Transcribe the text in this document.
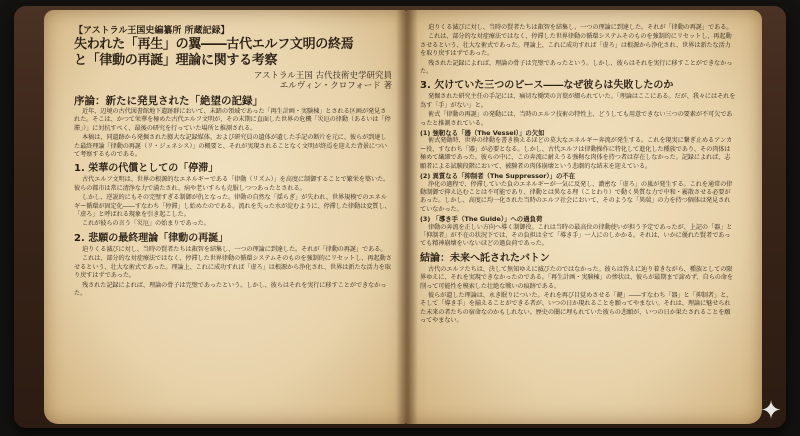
【アストラル王国史編纂所 所蔵記録】

失われた「再生」の翼――古代エルフ文明の終焉

と「律動の再誕」理論に関する考察

アストラル王国 古代技術史学研究員
エルヴィン・クロフォード 著

序論：新たに発見された「絶望の記録」

近年、辺境の古代図書館地下遺跡群において、未踏の領域であった「再生計画・実験棟」とされる区画が発見された。そこは、かつて栄華を極めた古代エルフ文明が、その末期に直面した世界の危機「災厄の律動（あるいは「停滞」）」に対抗すべく、最後の研究を行っていた場所と推測される。

本稿は、同遺跡から発掘された膨大な記録媒体、および研究員の遺体が遺した手記の断片を元に、彼らが到達した最終理論「律動の再誕（リ・ジェネシス）」の概要と、それが実現されることなく文明が終焉を迎えた背景について考察するものである。

1. 栄華の代償としての「停滞」

古代エルフ文明は、世界の根源的なエネルギーである「律動（リズム）」を高度に制御することで繁栄を築いた。彼らの都市は常に清浄な力で満たされ、病や老いすらも克服しつつあったとされる。

しかし、逆説的にもその完璧すぎる制御が仇となった。律動の自然な「揺らぎ」が失われ、世界規模でのエネルギー循環が固定化――すなわち「停滞」し始めたのである。流れを失った水が淀むように、停滞した律動は変質し、「虚ろ」と呼ばれる現象を引き起こした。

これが彼らの言う「災厄」の始まりであった。

2. 悲願の最終理論「律動の再誕」

迫りくる滅びに対し、当時の賢者たちは叡智を結集し、一つの理論に到達した。それが「律動の再誕」である。

これは、部分的な対症療法ではなく、停滞した世界律動の循環システムそのものを強制的にリセットし、再起動させるという、壮大な術式であった。理論上、これに成功すれば「虚ろ」は根源から浄化され、世界は新たな活力を取り戻すはずであった。

残された記録によれば、理論の骨子は完璧であったという。しかし、彼らはそれを実行に移すことができなかった。

迫りくる滅びに対し、当時の賢者たちは叡智を結集し、一つの理論に到達した。それが「律動の再誕」である。

これは、部分的な対症療法ではなく、停滞した世界律動の循環システムそのものを強制的にリセットし、再起動させるという、壮大な術式であった。理論上、これに成功すれば「虚ろ」は根源から浄化され、世界は新たな活力を取り戻すはずであった。

残された記録によれば、理論の骨子は完璧であったという。しかし、彼らはそれを実行に移すことができなかった。

3. 欠けていた三つのピース――なぜ彼らは失敗したのか

発掘された研究主任の手記には、痛切な慟哭の言葉が綴られていた。「理論はここにある。だが、我々にはそれを為す「手」がない」と。

術式「律動の再誕」の発動には、当時のエルフ技術の特性上、どうしても用意できない三つの要素が不可欠であったと推測されている。

(1) 強靭なる「器（The Vessel）」の欠如

術式発動時、世界の律動を書き換えるほどの莫大なエネルギー奔流が発生する。これを現実に繋ぎ止めるアンカー役、すなわち「器」が必要となる。しかし、古代エルフは律動操作に特化して進化した種族であり、その肉体は極めて繊細であった。彼らの中に、この奔流に耐えうる強靭な肉体を持つ者は存在しなかった。記録によれば、志願者による試験段階において、被験者の肉体崩壊という悲劇的な結末を迎えている。

(2) 異質なる「抑制者（The Suppressor）」の不在

浄化の過程で、停滞していた負のエネルギーが一気に反発し、濃密な「虚ろ」の嵐が発生する。これを通常の律動制御で抑え込むことは不可能であり、律動とは異なる理（ことわり）で動く異質な力で中和・霧散させる必要があった。しかし、高度に均一化された当時のエルフ社会において、そのような「異端」の力を持つ個体は発見されていなかった。

(3) 「導き手（The Guide）」への過負荷

律動の奔流を正しい方向へ導く制御役。これは当時の最高位の律動使いが担う予定であったが、上記の「器」と「抑制者」が不在の状況下では、その負担は全て「導き手」一人にのしかかる。それは、いかに優れた賢者であっても精神崩壊をいないほどの過負荷であった。

結論：未来へ託されたバトン

古代のエルフたちは、決して無知ゆえに滅びたのではなかった。彼らは答えに辿り着きながら、種族としての限界ゆえに、それを実現できなかったのである。「再生計画・実験棟」の惨状は、彼らが最期まで諦めず、自らの命を削って可能性を模索した壮絶な戦いの痕跡である。

彼らが遺した理論は、永き眠りについた。それを再び目覚めさせる「鍵」――すなわち「器」と「抑制者」と、そして「導き手」を揃えることができる者が、いつの日か現れることを願ってやまない。それは、理論に魅せられた未来の者たちの宿命なのかもしれない。歴史の闇に埋もれていた彼らの悲願が、いつの日か果たされることを願ってやまない。

✦
